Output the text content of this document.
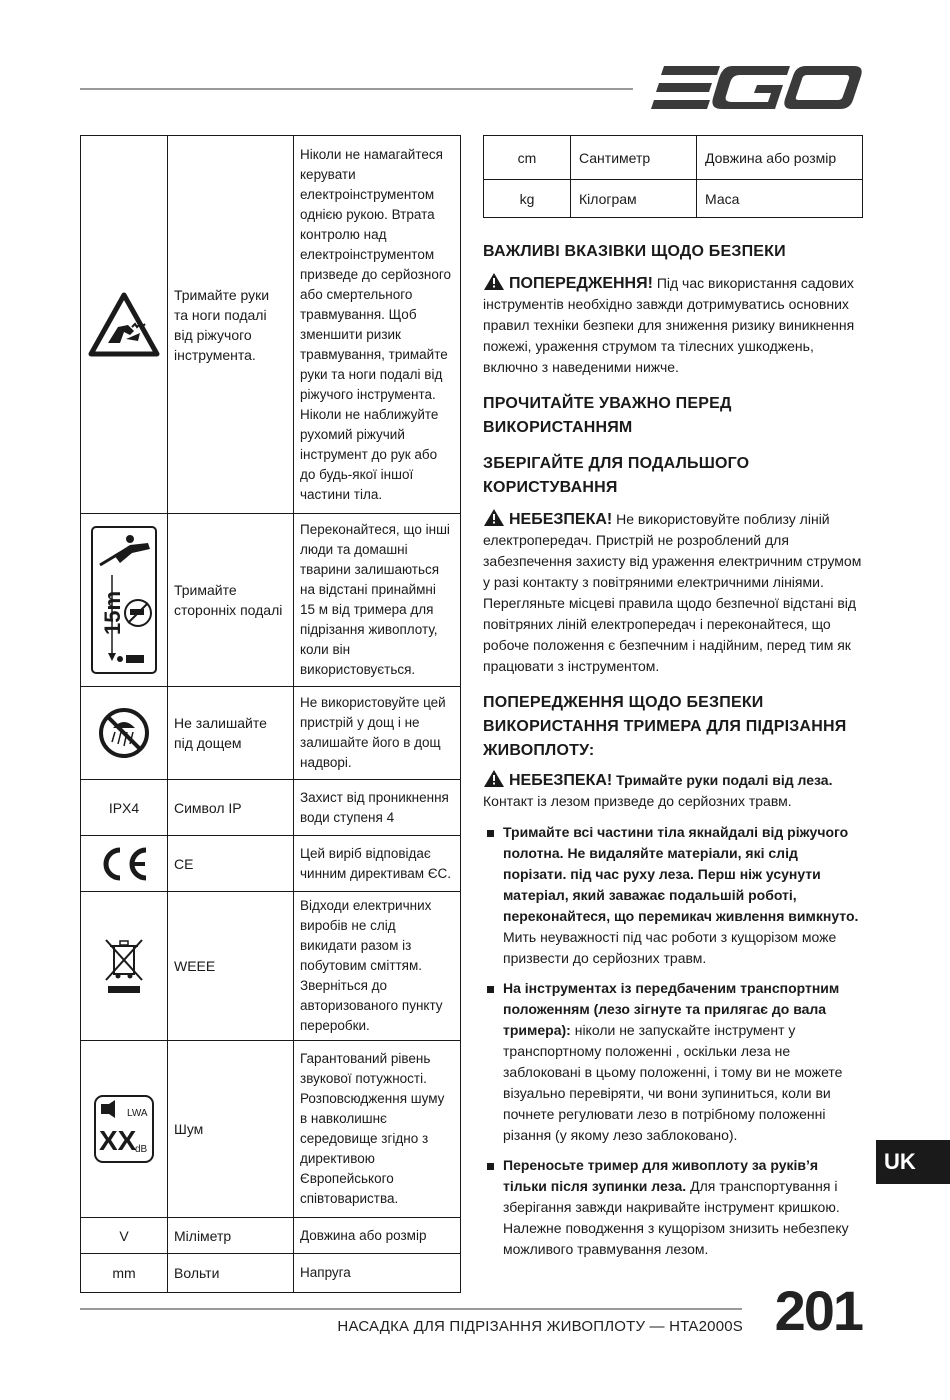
	Тримайте руки та ноги подалі від ріжучого інструмента.	Ніколи не намагайтеся керувати електроінструментом однією рукою. Втрата контролю над електроінструментом призведе до серйозного або смертельного травмування. Щоб зменшити ризик травмування, тримайте руки та ноги подалі від ріжучого інструмента. Ніколи не наближуйте рухомий ріжучий інструмент до рук або до будь-якої іншої частини тіла.

15m	Тримайте сторонніх подалі	Переконайтеся, що інші люди та домашні тварини залишаються на відстані принаймні 15 м від тримера для підрізання живоплоту, коли він використовується.

	Не залишайте під дощем	Не використовуйте цей пристрій у дощ і не залишайте його в дощ надворі.
IPX4	Символ IP	Захист від проникнення води ступеня 4

	CE	Цей виріб відповідає чинним директивам ЄС.

	WEEE	Відходи електричних виробів не слід викидати разом із побутовим сміттям. Зверніться до авторизованого пункту переробки.

LWA
XX
dB	Шум	Гарантований рівень звукової потужності. Розповсюдження шуму в навколишнє середовище згідно з директивою Європейського співтовариства.
V	Міліметр	Довжина або розмір
mm	Вольти	Напруга
cm	Сантиметр	Довжина або розмір
kg	Кілограм	Маса
ВАЖЛИВІ ВКАЗІВКИ ЩОДО БЕЗПЕКИ

ПОПЕРЕДЖЕННЯ! Під час використання садових інструментів необхідно завжди дотримуватись основних правил техніки безпеки для зниження ризику виникнення пожежі, ураження струмом та тілесних ушкоджень, включно з наведеними нижче.

ПРОЧИТАЙТЕ УВАЖНО ПЕРЕД ВИКОРИСТАННЯМ
ЗБЕРІГАЙТЕ ДЛЯ ПОДАЛЬШОГО КОРИСТУВАННЯ

НЕБЕЗПЕКА! Не використовуйте поблизу ліній електропередач. Пристрій не розроблений для забезпечення захисту від ураження електричним струмом у разі контакту з повітряними електричними лініями. Перегляньте місцеві правила щодо безпечної відстані від повітряних ліній електропередач і переконайтеся, що робоче положення є безпечним і надійним, перед тим як працювати з інструментом.

ПОПЕРЕДЖЕННЯ ЩОДО БЕЗПЕКИ ВИКОРИСТАННЯ ТРИМЕРА ДЛЯ ПІДРІЗАННЯ ЖИВОПЛОТУ:

НЕБЕЗПЕКА! Тримайте руки подалі від леза. Контакт із лезом призведе до серйозних травм.

Тримайте всі частини тіла якнайдалі від ріжучого полотна. Не видаляйте матеріали, які слід порізати. під час руху леза. Перш ніж усунути матеріал, який заважає подальшій роботі, переконайтеся, що перемикач живлення вимкнуто. Мить неуважності під час роботи з кущорізом може призвести до серйозних травм.
На інструментах із передбаченим транспортним положенням (лезо зігнуте та прилягає до вала тримера): ніколи не запускайте інструмент у транспортному положенні , оскільки леза не заблоковані в цьому положенні, і тому ви не можете візуально перевіряти, чи вони зупиниться, коли ви почнете регулювати лезо в потрібному положенні різання (у якому лезо заблоковано).
Переносьте тример для живоплоту за руків’я тільки після зупинки леза. Для транспортування і зберігання завжди накривайте інструмент кришкою. Належне поводження з кущорізом знизить небезпеку можливого травмування лезом.
UK
НАСАДКА ДЛЯ ПІДРІЗАННЯ ЖИВОПЛОТУ — HTA2000S 201
